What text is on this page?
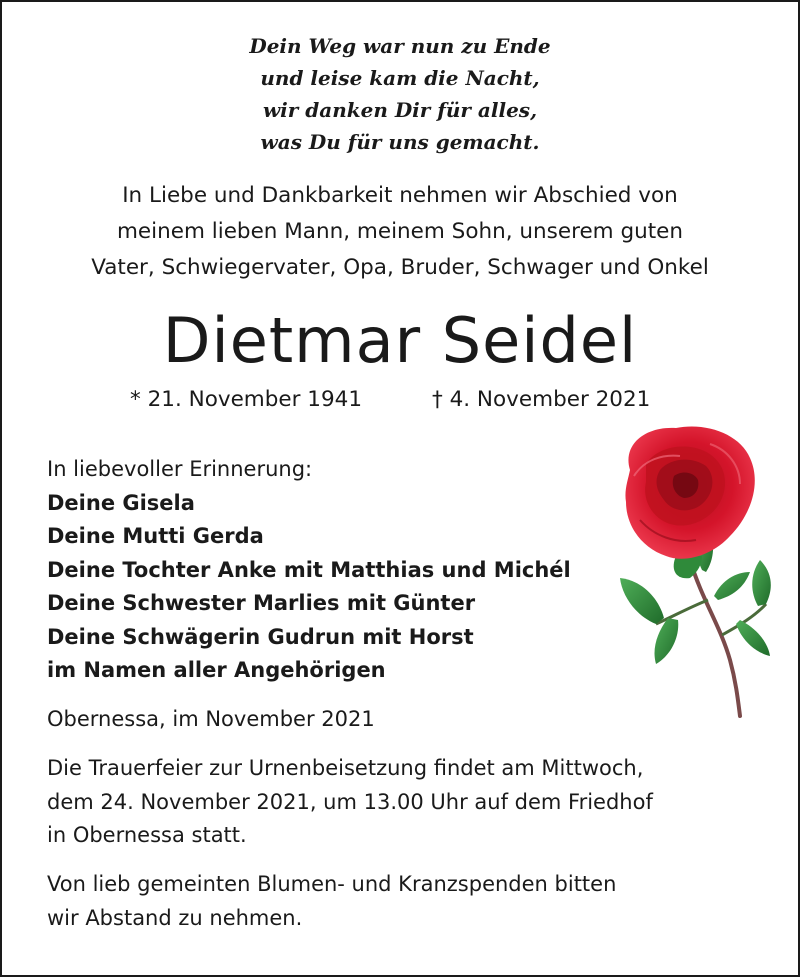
Dein Weg war nun zu Ende
und leise kam die Nacht,
wir danken Dir für alles,
was Du für uns gemacht.
In Liebe und Dankbarkeit nehmen wir Abschied von
meinem lieben Mann, meinem Sohn, unserem guten
Vater, Schwiegervater, Opa, Bruder, Schwager und Onkel
Dietmar Seidel
* 21. November 1941	† 4. November 2021
In liebevoller Erinnerung:
Deine Gisela
Deine Mutti Gerda
Deine Tochter Anke mit Matthias und Michél
Deine Schwester Marlies mit Günter
Deine Schwägerin Gudrun mit Horst
im Namen aller Angehörigen
Obernessa, im November 2021
Die Trauerfeier zur Urnenbeisetzung findet am Mittwoch,
dem 24. November 2021, um 13.00 Uhr auf dem Friedhof
in Obernessa statt.
Von lieb gemeinten Blumen- und Kranzspenden bitten
wir Abstand zu nehmen.
